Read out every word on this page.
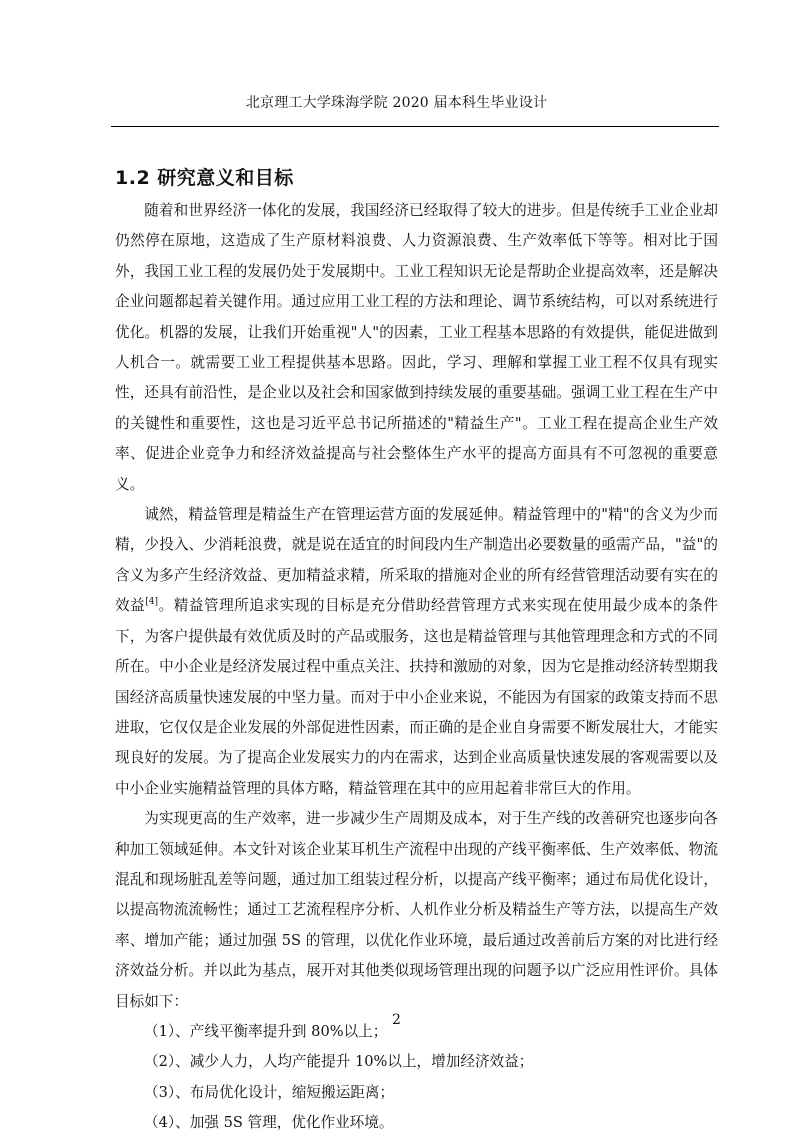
北京理工大学珠海学院 2020 届本科生毕业设计
1.2 研究意义和目标

随着和世界经济一体化的发展，我国经济已经取得了较大的进步。但是传统手工业企业却仍然停在原地，这造成了生产原材料浪费、人力资源浪费、生产效率低下等等。相对比于国外，我国工业工程的发展仍处于发展期中。工业工程知识无论是帮助企业提高效率，还是解决企业问题都起着关键作用。通过应用工业工程的方法和理论、调节系统结构，可以对系统进行优化。机器的发展，让我们开始重视"人"的因素，工业工程基本思路的有效提供，能促进做到人机合一。就需要工业工程提供基本思路。因此，学习、理解和掌握工业工程不仅具有现实性，还具有前沿性，是企业以及社会和国家做到持续发展的重要基础。强调工业工程在生产中的关键性和重要性，这也是习近平总书记所描述的"精益生产"。工业工程在提高企业生产效率、促进企业竞争力和经济效益提高与社会整体生产水平的提高方面具有不可忽视的重要意义。

诚然，精益管理是精益生产在管理运营方面的发展延伸。精益管理中的"精"的含义为少而精，少投入、少消耗浪费，就是说在适宜的时间段内生产制造出必要数量的亟需产品，"益"的含义为多产生经济效益、更加精益求精，所采取的措施对企业的所有经营管理活动要有实在的效益[4]。精益管理所追求实现的目标是充分借助经营管理方式来实现在使用最少成本的条件下，为客户提供最有效优质及时的产品或服务，这也是精益管理与其他管理理念和方式的不同所在。中小企业是经济发展过程中重点关注、扶持和激励的对象，因为它是推动经济转型期我国经济高质量快速发展的中坚力量。而对于中小企业来说，不能因为有国家的政策支持而不思进取，它仅仅是企业发展的外部促进性因素，而正确的是企业自身需要不断发展壮大，才能实现良好的发展。为了提高企业发展实力的内在需求，达到企业高质量快速发展的客观需要以及中小企业实施精益管理的具体方略，精益管理在其中的应用起着非常巨大的作用。

为实现更高的生产效率，进一步减少生产周期及成本，对于生产线的改善研究也逐步向各种加工领域延伸。本文针对该企业某耳机生产流程中出现的产线平衡率低、生产效率低、物流混乱和现场脏乱差等问题，通过加工组装过程分析，以提高产线平衡率；通过布局优化设计，以提高物流流畅性；通过工艺流程程序分析、人机作业分析及精益生产等方法，以提高生产效率、增加产能；通过加强 5S 的管理，以优化作业环境，最后通过改善前后方案的对比进行经济效益分析。并以此为基点，展开对其他类似现场管理出现的问题予以广泛应用性评价。具体目标如下：

（1）、产线平衡率提升到 80%以上；

（2）、减少人力，人均产能提升 10%以上，增加经济效益；

（3）、布局优化设计，缩短搬运距离；

（4）、加强 5S 管理，优化作业环境。

2
